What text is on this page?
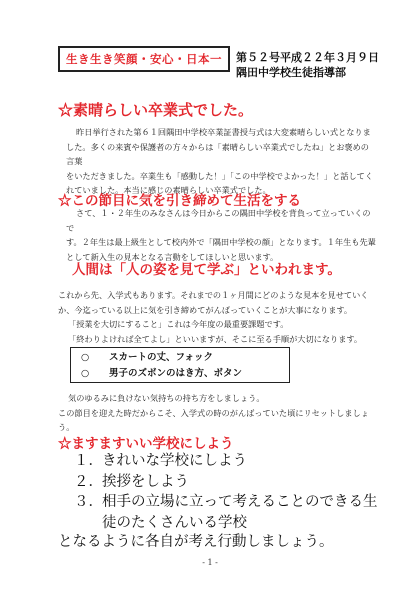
生き生き笑顔・安心・日本一	第５２号平成２２年３月９日
隅田中学校生徒指導部
☆素晴らしい卒業式でした。
昨日挙行された第６１回隅田中学校卒業証書授与式は大変素晴らしい式となりま
した。多くの来賓や保護者の方々からは「素晴らしい卒業式でしたね」とお褒めの言葉
をいただきました。卒業生も「感動した！」「この中学校でよかった！」と話してく
れていました。本当に感じの素晴らしい卒業式でした。
☆この節目に気を引き締めて生活をする
さて、１・２年生のみなさんは今日からこの隅田中学校を背負って立っていくので
す。２年生は最上級生として校内外で「隅田中学校の顔」となります。１年生も先輩
として新入生の見本となる言動をしてほしいと思います。
人間は「人の姿を見て学ぶ」といわれます。
これから先、入学式もあります。それまでの１ヶ月間にどのような見本を見せていく
か、今迄っている以上に気を引き締めてがんばっていくことが大事になります。
「授業を大切にすること」これは今年度の最重要課題です。
「終わりよければ全てよし」といいますが、そこに至る手順が大切になります。
○ スカートの丈、フォック
○ 男子のズボンのはき方、ボタン
気のゆるみに負けない気持ちの持ち方をしましょう。
この節目を迎えた時だからこそ、入学式の時のがんばっていた頃にリセットしましょ
う。
☆ますますいい学校にしよう
１．きれいな学校にしよう
２．挨拶をしよう
３．相手の立場に立って考えることのできる生
徒のたくさんいる学校
となるように各自が考え行動しましょう。
- 1 -
